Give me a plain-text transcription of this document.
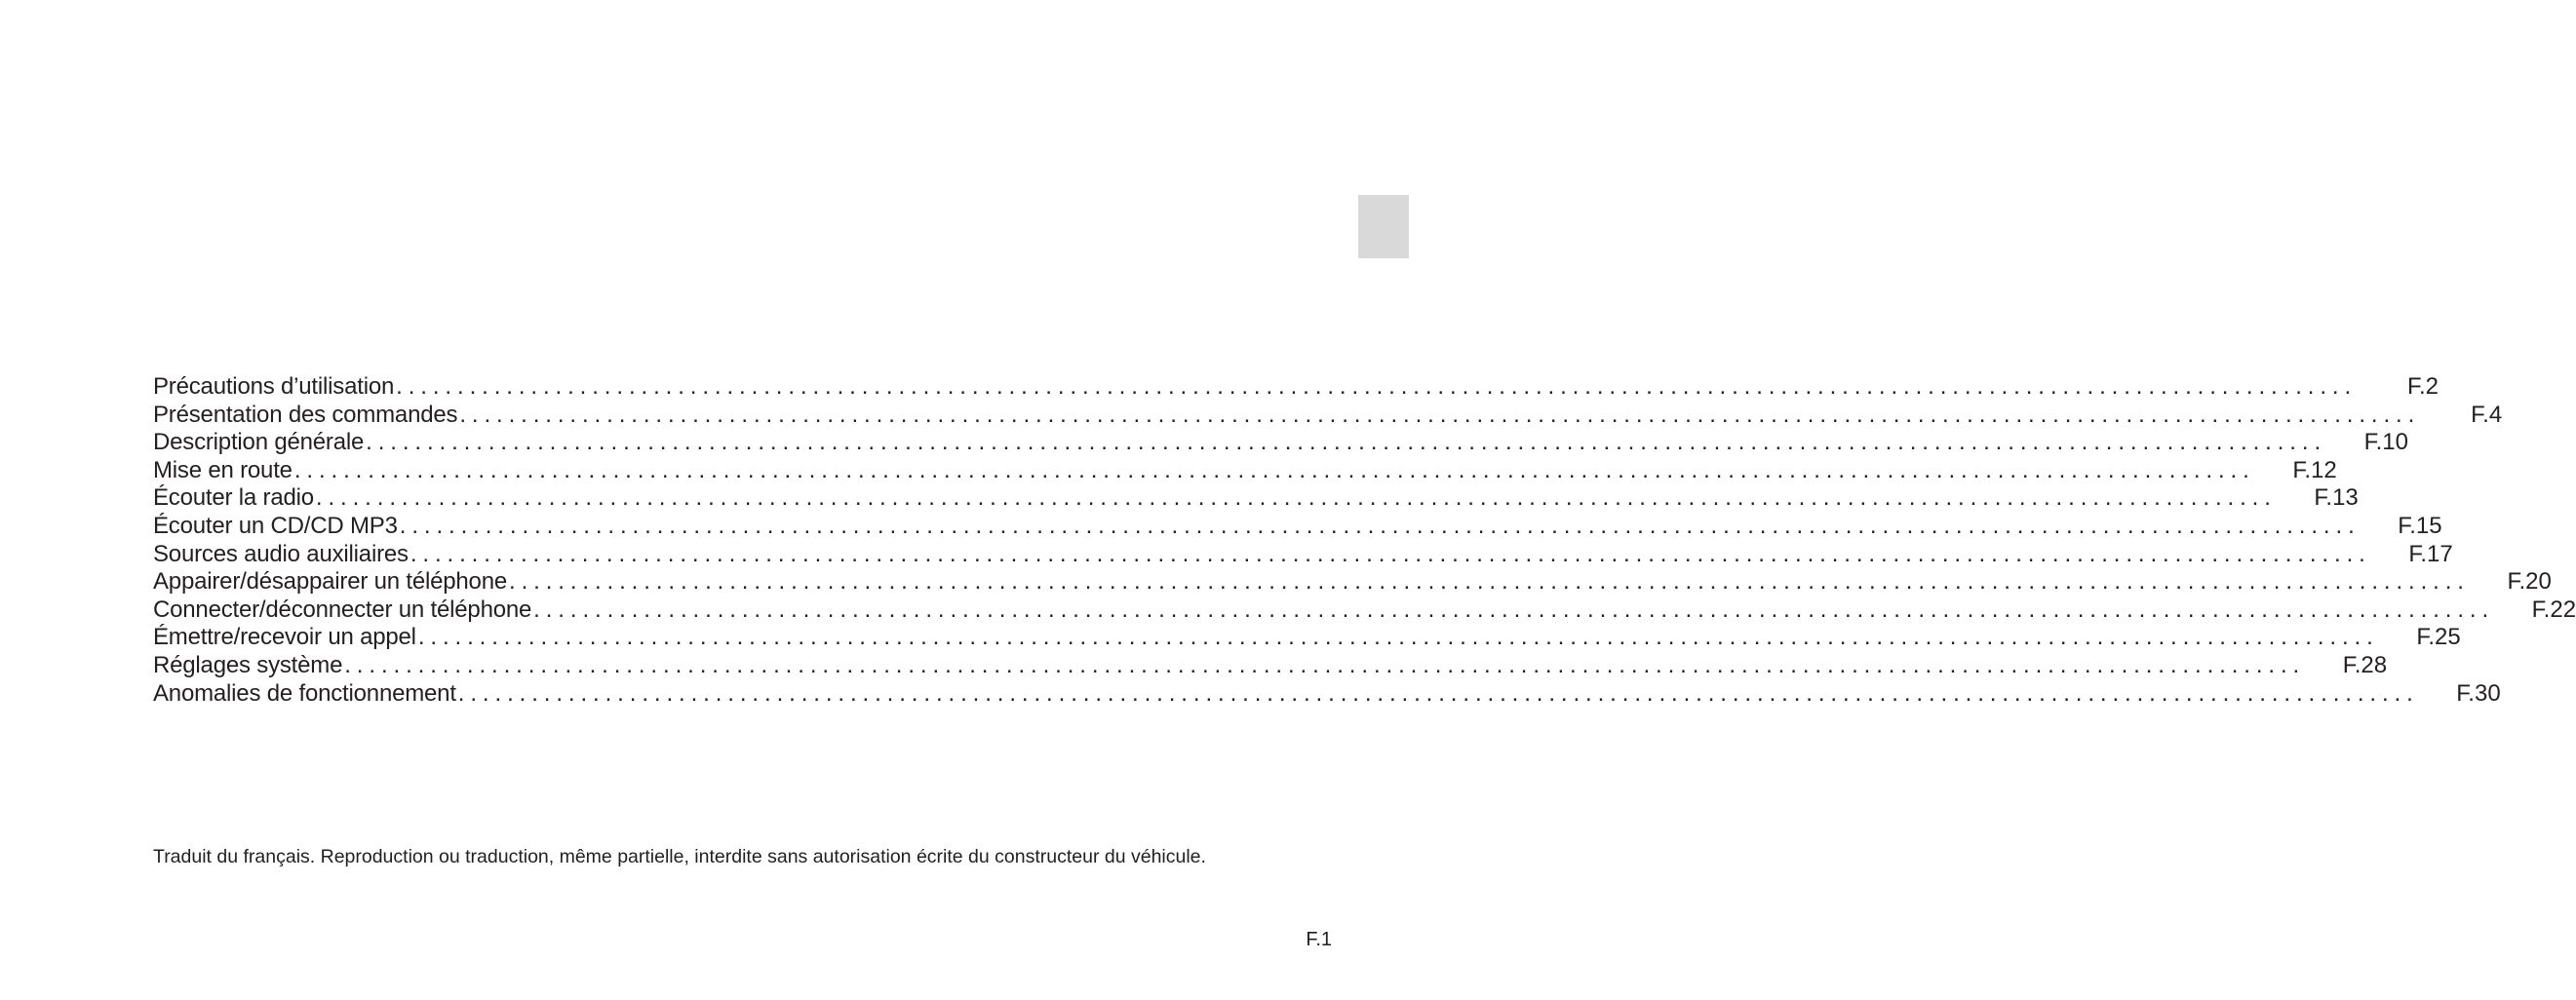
Précautions d’utilisation ................................................................................................................................................................	F.2
Présentation des commandes ................................................................................................................................................................	F.4
Description générale ................................................................................................................................................................ F.10
Mise en route ................................................................................................................................................................ F.12
Écouter la radio ................................................................................................................................................................ F.13
Écouter un CD/CD MP3 ................................................................................................................................................................ F.15
Sources audio auxiliaires ................................................................................................................................................................ F.17
Appairer/désappairer un téléphone ................................................................................................................................................................ F.20
Connecter/déconnecter un téléphone ................................................................................................................................................................ F.22
Émettre/recevoir un appel ................................................................................................................................................................ F.25
Réglages système ................................................................................................................................................................ F.28
Anomalies de fonctionnement ................................................................................................................................................................ F.30

Traduit du français. Reproduction ou traduction, même partielle, interdite sans autorisation écrite du constructeur du véhicule.

F.1
